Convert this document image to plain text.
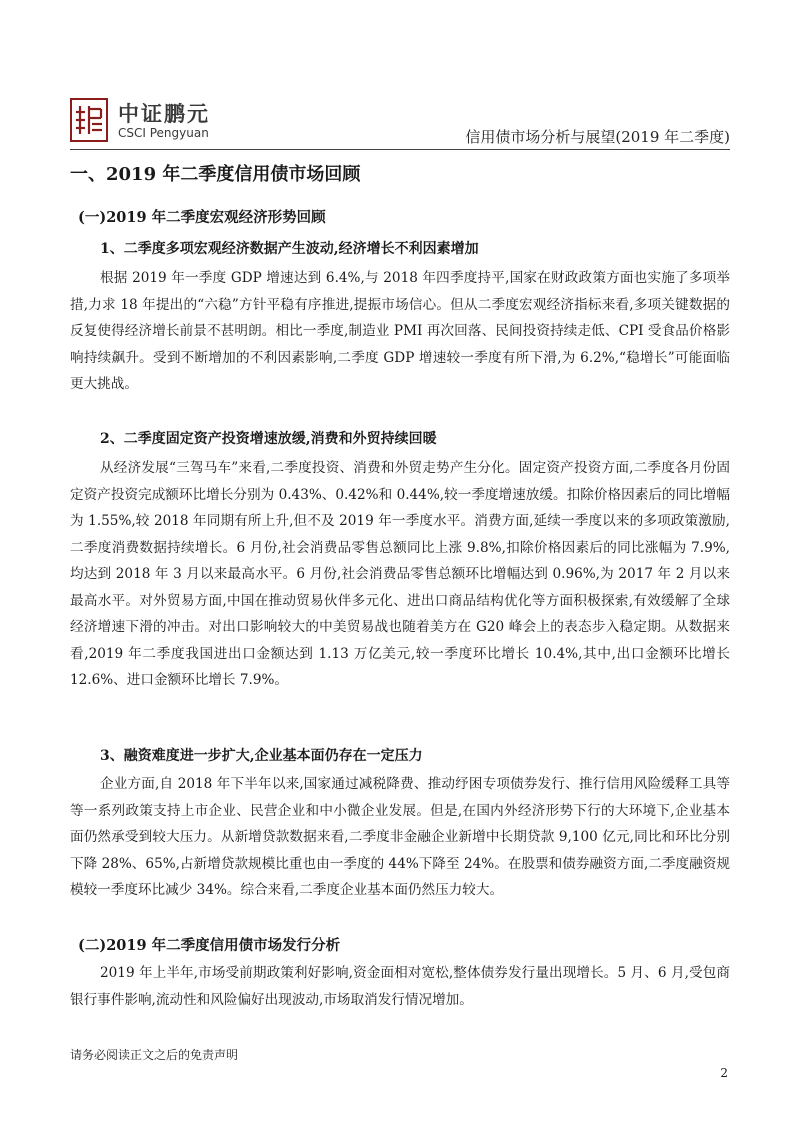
中证鹏元
CSCI Pengyuan	信用债市场分析与展望(2019 年二季度)
一、2019 年二季度信用债市场回顾
(一)2019 年二季度宏观经济形势回顾
1、二季度多项宏观经济数据产生波动,经济增长不利因素增加
根据 2019 年一季度 GDP 增速达到 6.4%,与 2018 年四季度持平,国家在财政政策方面也实施了多项举措,力求 18 年提出的“六稳”方针平稳有序推进,提振市场信心。但从二季度宏观经济指标来看,多项关键数据的反复使得经济增长前景不甚明朗。相比一季度,制造业 PMI 再次回落、民间投资持续走低、CPI 受食品价格影响持续飙升。受到不断增加的不利因素影响,二季度 GDP 增速较一季度有所下滑,为 6.2%,“稳增长”可能面临更大挑战。
2、二季度固定资产投资增速放缓,消费和外贸持续回暖
从经济发展“三驾马车”来看,二季度投资、消费和外贸走势产生分化。固定资产投资方面,二季度各月份固定资产投资完成额环比增长分别为 0.43%、0.42%和 0.44%,较一季度增速放缓。扣除价格因素后的同比增幅为 1.55%,较 2018 年同期有所上升,但不及 2019 年一季度水平。消费方面,延续一季度以来的多项政策激励,二季度消费数据持续增长。6 月份,社会消费品零售总额同比上涨 9.8%,扣除价格因素后的同比涨幅为 7.9%,均达到 2018 年 3 月以来最高水平。6 月份,社会消费品零售总额环比增幅达到 0.96%,为 2017 年 2 月以来最高水平。对外贸易方面,中国在推动贸易伙伴多元化、进出口商品结构优化等方面积极探索,有效缓解了全球经济增速下滑的冲击。对出口影响较大的中美贸易战也随着美方在 G20 峰会上的表态步入稳定期。从数据来看,2019 年二季度我国进出口金额达到 1.13 万亿美元,较一季度环比增长 10.4%,其中,出口金额环比增长 12.6%、进口金额环比增长 7.9%。
3、融资难度进一步扩大,企业基本面仍存在一定压力
企业方面,自 2018 年下半年以来,国家通过减税降费、推动纾困专项债券发行、推行信用风险缓释工具等等一系列政策支持上市企业、民营企业和中小微企业发展。但是,在国内外经济形势下行的大环境下,企业基本面仍然承受到较大压力。从新增贷款数据来看,二季度非金融企业新增中长期贷款 9,100 亿元,同比和环比分别下降 28%、65%,占新增贷款规模比重也由一季度的 44%下降至 24%。在股票和债券融资方面,二季度融资规模较一季度环比减少 34%。综合来看,二季度企业基本面仍然压力较大。
(二)2019 年二季度信用债市场发行分析
2019 年上半年,市场受前期政策利好影响,资金面相对宽松,整体债券发行量出现增长。5 月、6 月,受包商银行事件影响,流动性和风险偏好出现波动,市场取消发行情况增加。
请务必阅读正文之后的免责声明
2
